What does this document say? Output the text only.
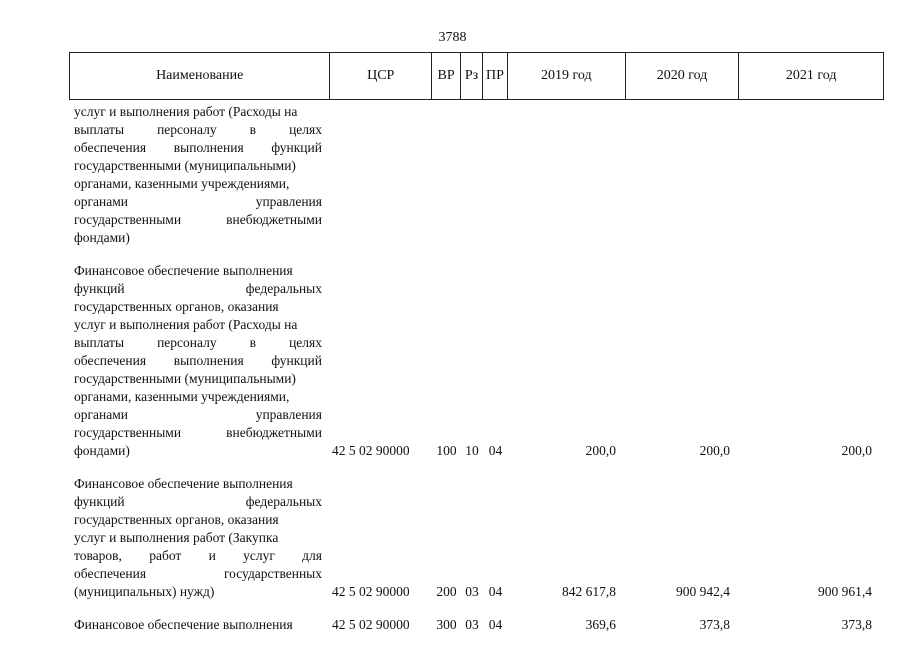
3788
Наименование	ЦСР	ВР Рз ПР	2019 год	2020 год	2021 год
услуг и выполнения работ (Расходы на
выплаты персоналу в целях
обеспечения выполнения функций
государственными (муниципальными)
органами, казенными учреждениями,
органами	управления
государственными	внебюджетными
фондами)
Финансовое обеспечение выполнения
функций	федеральных
государственных органов, оказания
услуг и выполнения работ (Расходы на
выплаты персоналу в целях
обеспечения выполнения функций
государственными (муниципальными)
органами, казенными учреждениями,
органами	управления
государственными	внебюджетными
фондами)	42 5 02 90000	100 10 04	200,0	200,0	200,0
Финансовое обеспечение выполнения
функций	федеральных
государственных органов, оказания
услуг и выполнения работ (Закупка
товаров, работ и услуг для
обеспечения	государственных
(муниципальных) нужд)	42 5 02 90000	200 03 04	842 617,8	900 942,4	900 961,4
Финансовое обеспечение выполнения	42 5 02 90000	300 03 04	369,6	373,8	373,8
